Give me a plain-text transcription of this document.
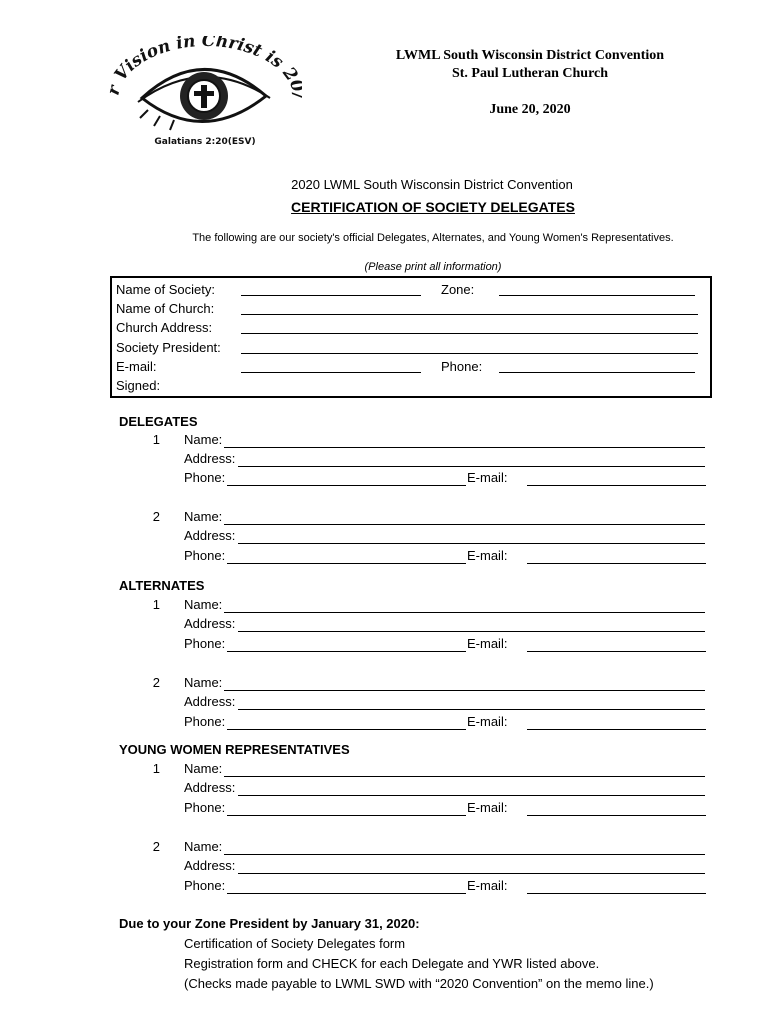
Vision in Christ is 2
Galatians 2:20(ESV)
LWML South Wisconsin District Convention
St. Paul Lutheran Church
June 20, 2020
2020 LWML South Wisconsin District Convention
CERTIFICATION OF SOCIETY DELEGATES
The following are our society's official Delegates, Alternates, and Young Women's Representatives.
(Please print all information)
Name of Society:	Zone:
Name of Church:
Church Address:
Society President:
E-mail:	Phone:
Signed:
DELEGATES
1 Name:
Address:
Phone:	E-mail:
2 Name:
Address:
Phone:	E-mail:
ALTERNATES
1 Name:
Address:
Phone:	E-mail:
2 Name:
Address:
Phone:	E-mail:
YOUNG WOMEN REPRESENTATIVES
1 Name:
Address:
Phone:	E-mail:
2 Name:
Address:
Phone:	E-mail:
Due to your Zone President by January 31, 2020:
Certification of Society Delegates form
Registration form and CHECK for each Delegate and YWR listed above.
(Checks made payable to LWML SWD with “2020 Convention” on the memo line.)
